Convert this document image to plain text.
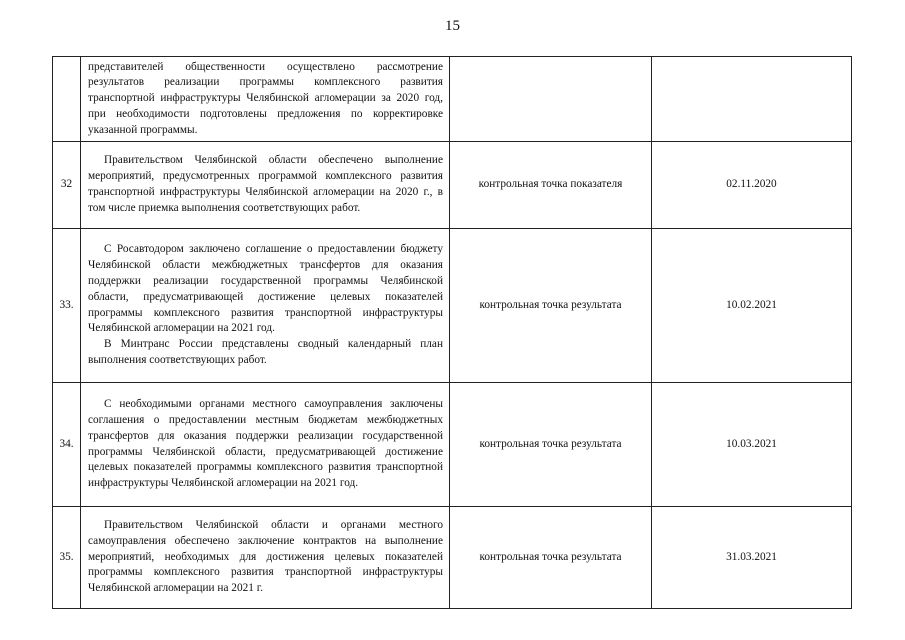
15

	представителей общественности осуществлено рассмотрение результатов реализации программы комплексного развития транспортной инфраструктуры Челябинской агломерации за 2020 год, при необходимости подготовлены предложения по корректировке указанной программы.		

32	Правительством Челябинской области обеспечено выполнение мероприятий, предусмотренных программой комплексного развития транспортной инфраструктуры Челябинской агломерации на 2020 г., в том числе приемка выполнения соответствующих работ.	контрольная точка показателя	02.11.2020
33.	С Росавтодором заключено соглашение о предоставлении бюджету Челябинской области межбюджетных трансфертов для оказания поддержки реализации государственной программы Челябинской области, предусматривающей достижение целевых показателей программы комплексного развития транспортной инфраструктуры Челябинской агломерации на 2021 год.
В Минтранс России представлены сводный календарный план выполнения соответствующих работ.	контрольная точка результата	10.02.2021
34.	С необходимыми органами местного самоуправления заключены соглашения о предоставлении местным бюджетам межбюджетных трансфертов для оказания поддержки реализации государственной программы Челябинской области, предусматривающей достижение целевых показателей программы комплексного развития транспортной инфраструктуры Челябинской агломерации на 2021 год.	контрольная точка результата	10.03.2021
35.	Правительством Челябинской области и органами местного самоуправления обеспечено заключение контрактов на выполнение мероприятий, необходимых для достижения целевых показателей программы комплексного развития транспортной инфраструктуры Челябинской агломерации на 2021 г.	контрольная точка результата	31.03.2021
